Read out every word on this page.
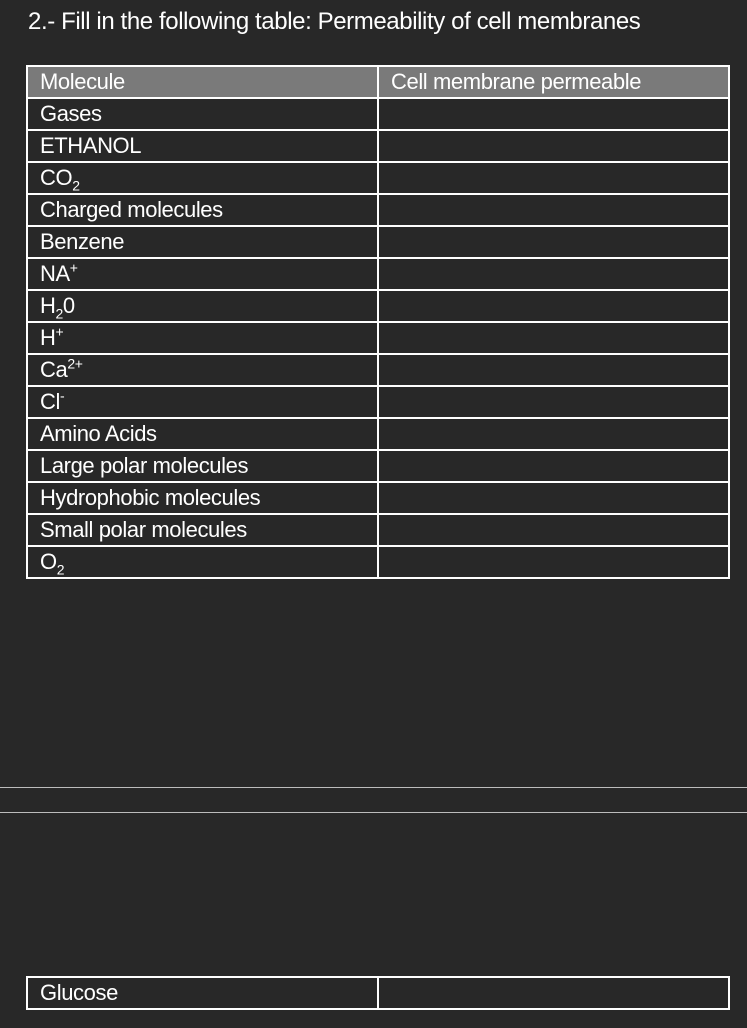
2.- Fill in the following table: Permeability of cell membranes
Molecule	Cell membrane permeable
Gases	
ETHANOL	
$CO_2$	
Charged molecules	
Benzene	
NA+	
$H_20$	
H+	
$Ca^{2+}$	
Cl-	
Amino Acids	
Large polar molecules	
Hydrophobic molecules	
Small polar molecules	
$O_2$	
Glucose	
